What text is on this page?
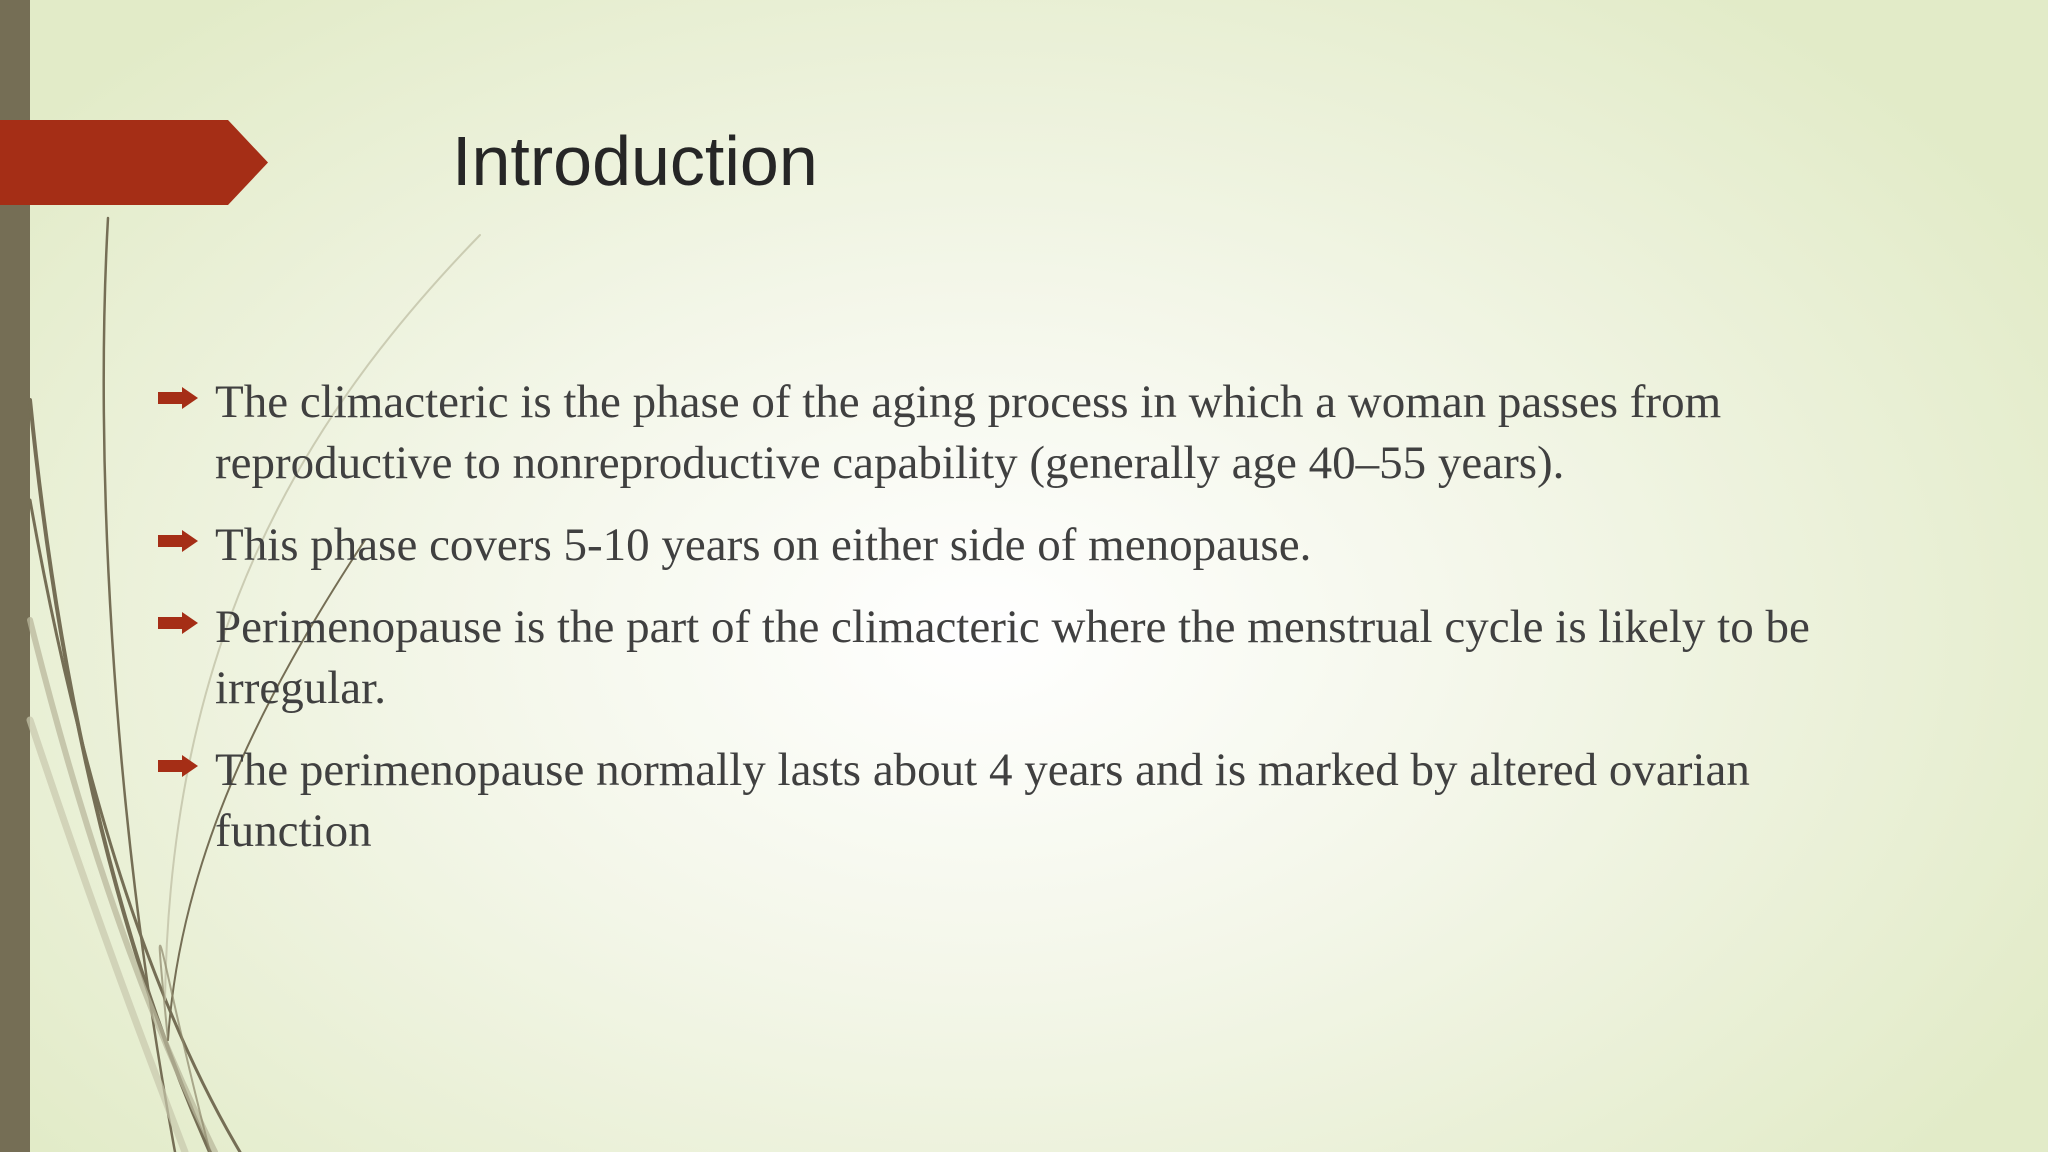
Introduction
The climacteric is the phase of the aging process in which a woman passes from reproductive to nonreproductive capability (generally age 40–55 years).
This phase covers 5-10 years on either side of menopause.
Perimenopause is the part of the climacteric where the menstrual cycle is likely to be irregular.
The perimenopause normally lasts about 4 years and is marked by altered ovarian function
